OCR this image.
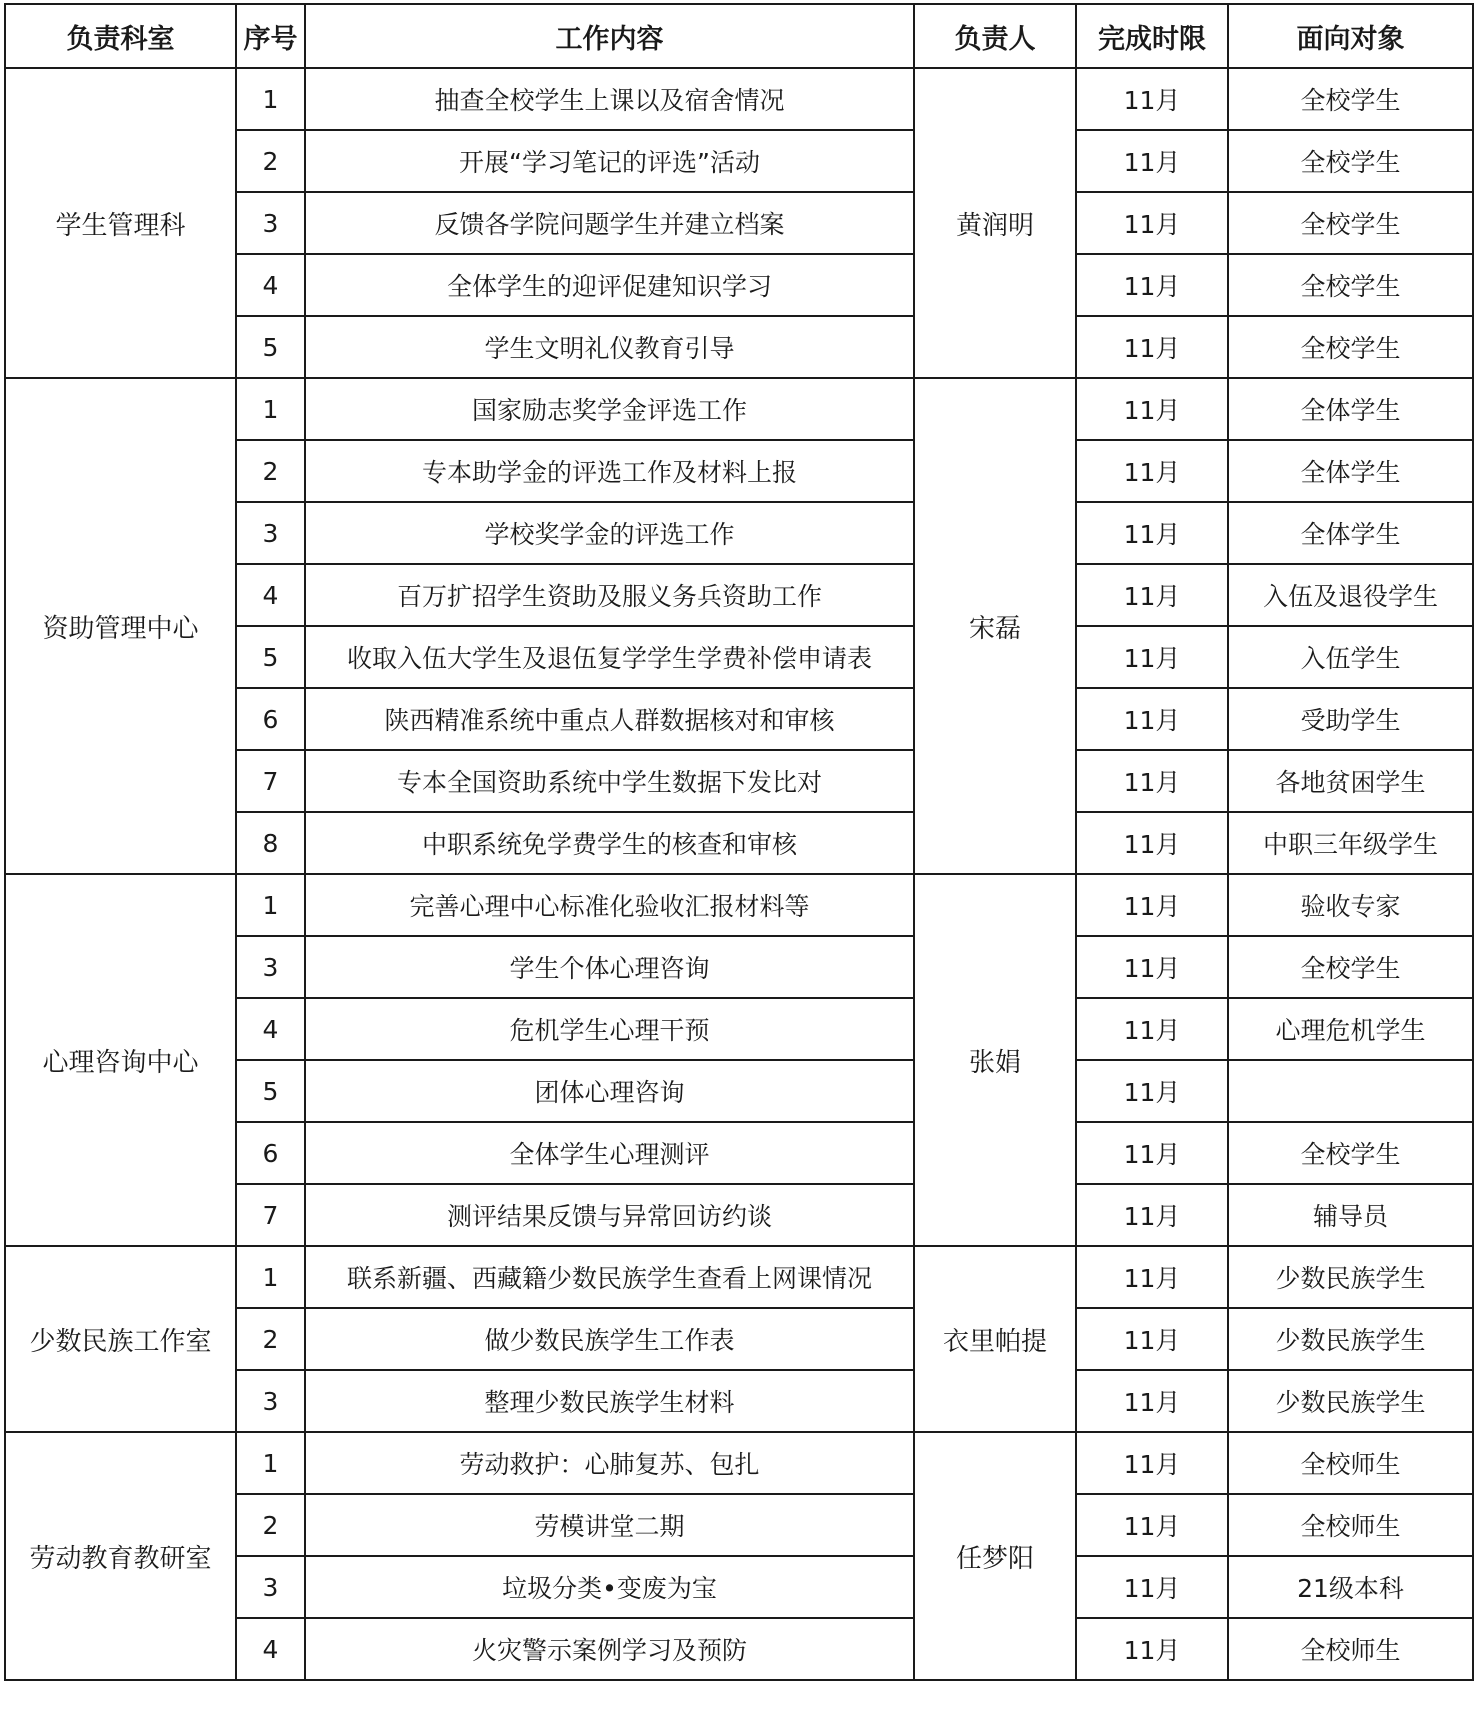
负责科室	序号	工作内容	负责人	完成时限	面向对象
学生管理科	1	抽查全校学生上课以及宿舍情况	黄润明	11月	全校学生
	2	开展“学习笔记的评选”活动		11月	全校学生
	3	反馈各学院问题学生并建立档案		11月	全校学生
	4	全体学生的迎评促建知识学习		11月	全校学生
	5	学生文明礼仪教育引导		11月	全校学生
资助管理中心	1	国家励志奖学金评选工作	宋磊	11月	全体学生
	2	专本助学金的评选工作及材料上报		11月	全体学生
	3	学校奖学金的评选工作		11月	全体学生
	4	百万扩招学生资助及服义务兵资助工作		11月	入伍及退役学生
	5	收取入伍大学生及退伍复学学生学费补偿申请表		11月	入伍学生
	6	陕西精准系统中重点人群数据核对和审核		11月	受助学生
	7	专本全国资助系统中学生数据下发比对		11月	各地贫困学生
	8	中职系统免学费学生的核查和审核		11月	中职三年级学生
心理咨询中心	1	完善心理中心标准化验收汇报材料等	张娟	11月	验收专家
	3	学生个体心理咨询		11月	全校学生
	4	危机学生心理干预		11月	心理危机学生
	5	团体心理咨询		11月	
	6	全体学生心理测评		11月	全校学生
	7	测评结果反馈与异常回访约谈		11月	辅导员
少数民族工作室	1	联系新疆、西藏籍少数民族学生查看上网课情况	衣里帕提	11月	少数民族学生
	2	做少数民族学生工作表		11月	少数民族学生
	3	整理少数民族学生材料		11月	少数民族学生
劳动教育教研室	1	劳动救护：心肺复苏、包扎	任梦阳	11月	全校师生
	2	劳模讲堂二期		11月	全校师生
	3	垃圾分类•变废为宝		11月	21级本科
	4	火灾警示案例学习及预防		11月	全校师生
